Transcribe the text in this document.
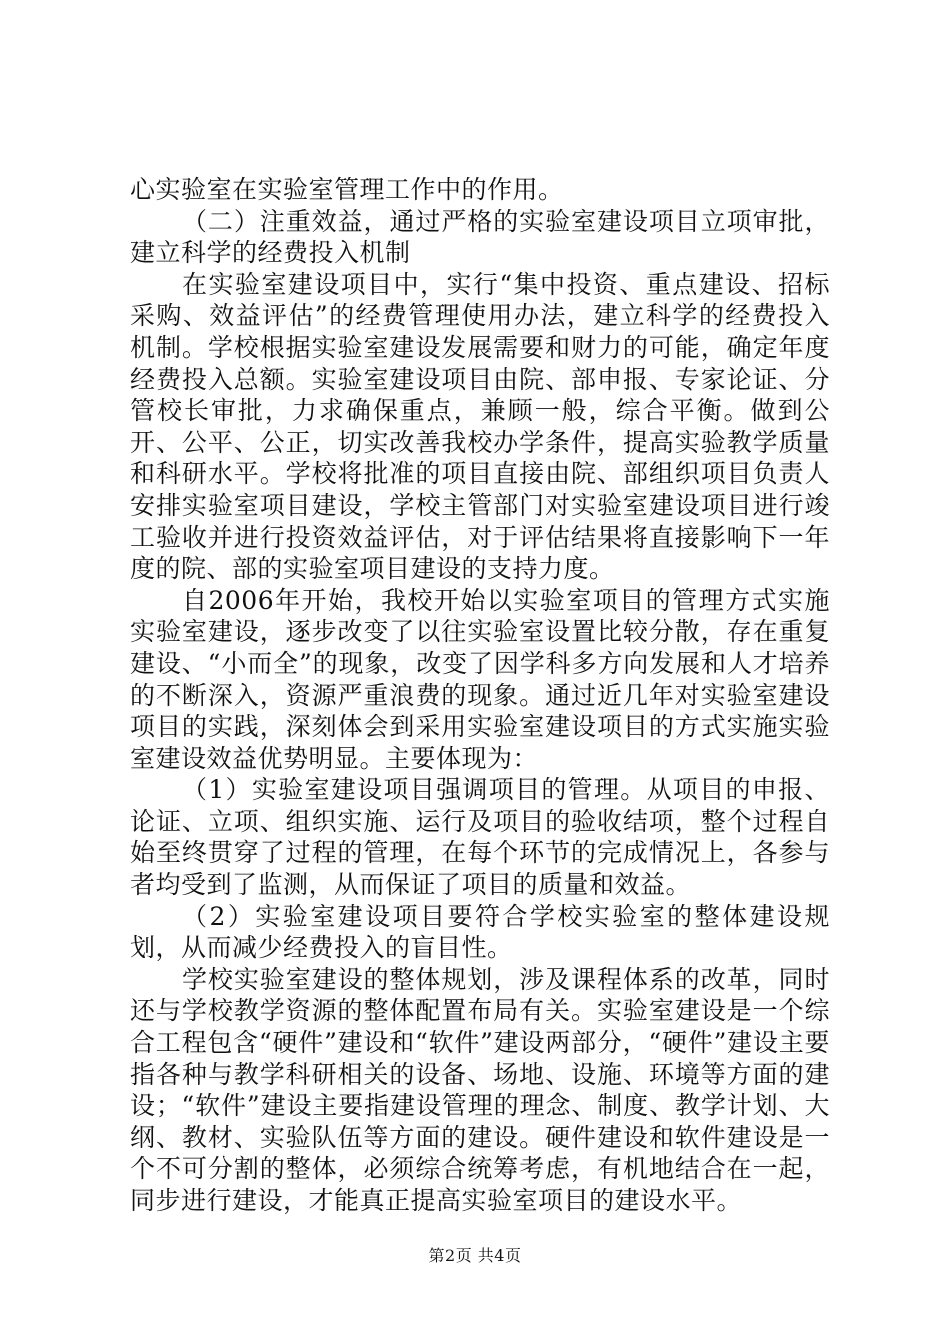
心实验室在实验室管理工作中的作用。

（二）注重效益，通过严格的实验室建设项目立项审批，建立科学的经费投入机制

在实验室建设项目中，实行“集中投资、重点建设、招标采购、效益评估”的经费管理使用办法，建立科学的经费投入机制。学校根据实验室建设发展需要和财力的可能，确定年度经费投入总额。实验室建设项目由院、部申报、专家论证、分管校长审批，力求确保重点，兼顾一般，综合平衡。做到公开、公平、公正，切实改善我校办学条件，提高实验教学质量和科研水平。学校将批准的项目直接由院、部组织项目负责人安排实验室项目建设，学校主管部门对实验室建设项目进行竣工验收并进行投资效益评估，对于评估结果将直接影响下一年度的院、部的实验室项目建设的支持力度。

自2006年开始，我校开始以实验室项目的管理方式实施实验室建设，逐步改变了以往实验室设置比较分散，存在重复建设、“小而全”的现象，改变了因学科多方向发展和人才培养的不断深入，资源严重浪费的现象。通过近几年对实验室建设项目的实践，深刻体会到采用实验室建设项目的方式实施实验室建设效益优势明显。主要体现为：

（1）实验室建设项目强调项目的管理。从项目的申报、论证、立项、组织实施、运行及项目的验收结项，整个过程自始至终贯穿了过程的管理，在每个环节的完成情况上，各参与者均受到了监测，从而保证了项目的质量和效益。

（2）实验室建设项目要符合学校实验室的整体建设规划，从而减少经费投入的盲目性。

学校实验室建设的整体规划，涉及课程体系的改革，同时还与学校教学资源的整体配置布局有关。实验室建设是一个综合工程包含“硬件”建设和“软件”建设两部分，“硬件”建设主要指各种与教学科研相关的设备、场地、设施、环境等方面的建设；“软件”建设主要指建设管理的理念、制度、教学计划、大纲、教材、实验队伍等方面的建设。硬件建设和软件建设是一个不可分割的整体，必须综合统筹考虑，有机地结合在一起，同步进行建设，才能真正提高实验室项目的建设水平。

第2页 共4页
